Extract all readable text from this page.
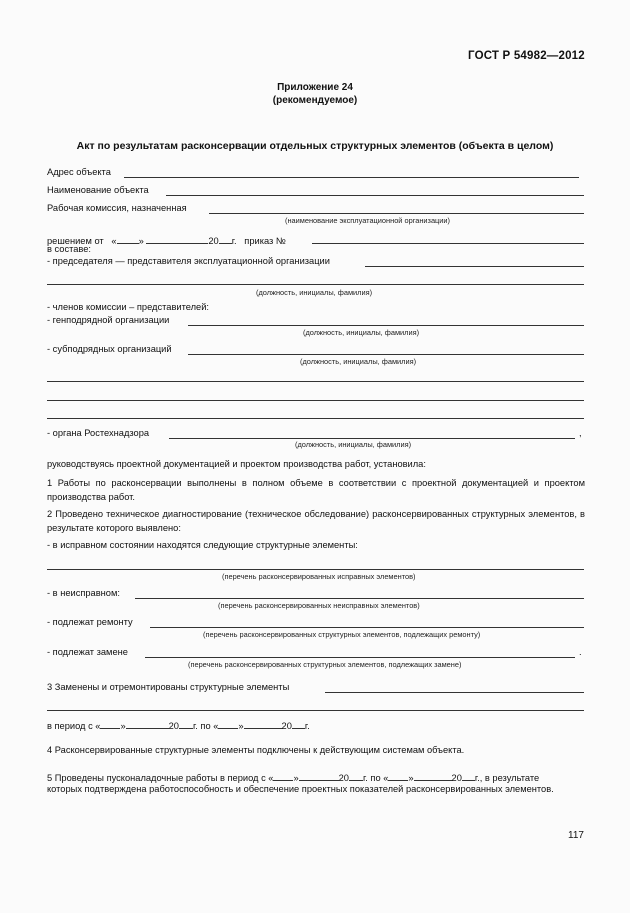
ГОСТ Р 54982—2012
Приложение 24
(рекомендуемое)
Акт по результатам расконсервации отдельных структурных элементов (объекта в целом)
Адрес объекта
Наименование объекта
Рабочая комиссия, назначенная
(наименование эксплуатационной организации)
решением от « »	20 г. приказ №
в составе:
- председателя — представителя эксплуатационной организации
(должность, инициалы, фамилия)
- членов комиссии – представителей:
- генподрядной организации
(должность, инициалы, фамилия)
- субподрядных организаций
(должность, инициалы, фамилия)
- органа Ростехнадзора	,
(должность, инициалы, фамилия)
руководствуясь проектной документацией и проектом производства работ, установила:
1 Работы по расконсервации выполнены в полном объеме в соответствии с проектной документацией и проектом производства работ.
2 Проведено техническое диагностирование (техническое обследование) расконсервированных структурных элементов, в результате которого выявлено:
- в исправном состоянии находятся следующие структурные элементы:
(перечень расконсервированных исправных элементов)
- в неисправном:
(перечень расконсервированных неисправных элементов)
- подлежат ремонту
(перечень расконсервированных структурных элементов, подлежащих ремонту)
- подлежат замене	.
(перечень расконсервированных структурных элементов, подлежащих замене)
3 Заменены и отремонтированы структурные элементы
в период с « »	20 г. по « »	20 г.
4 Расконсервированные структурные элементы подключены к действующим системам объекта.
5 Проведены пусконаладочные работы в период с « »	20 г. по « »	20 г., в результате
которых подтверждена работоспособность и обеспечение проектных показателей расконсервированных элементов.
117
